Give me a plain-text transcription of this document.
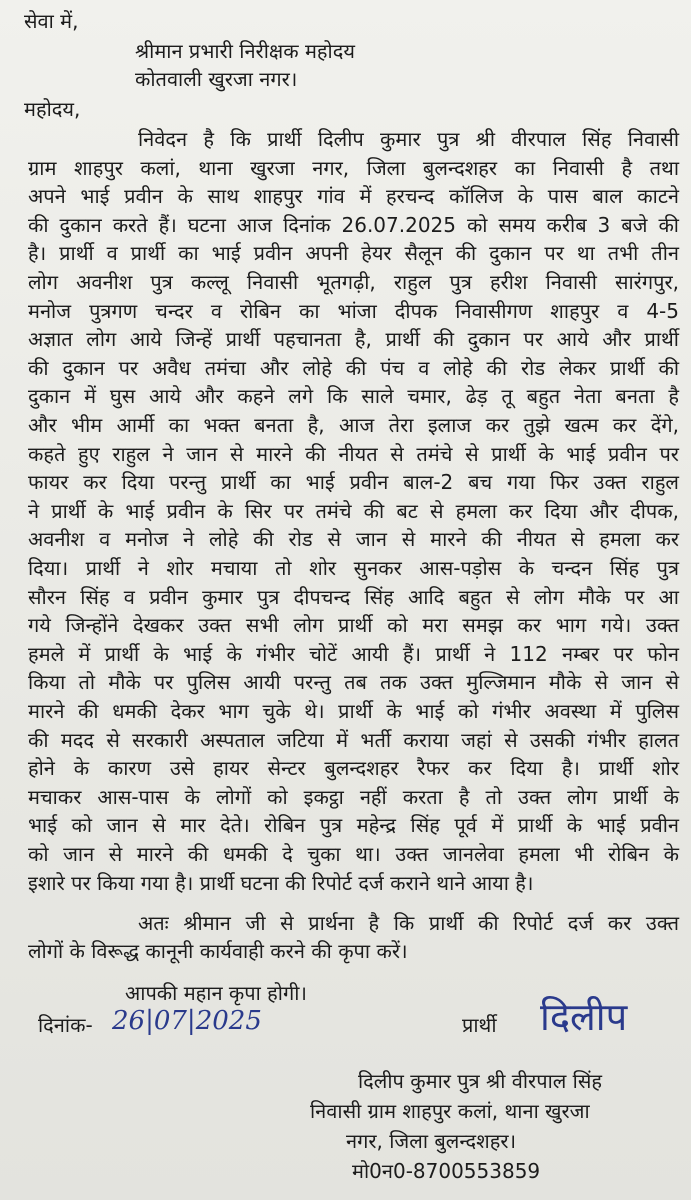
सेवा में,
श्रीमान प्रभारी निरीक्षक महोदय
कोतवाली खुरजा नगर।
महोदय,
निवेदन है कि प्रार्थी दिलीप कुमार पुत्र श्री वीरपाल सिंह निवासी
ग्राम शाहपुर कलां, थाना खुरजा नगर, जिला बुलन्दशहर का निवासी है तथा
अपने भाई प्रवीन के साथ शाहपुर गांव में हरचन्द कॉलिज के पास बाल काटने
की दुकान करते हैं। घटना आज दिनांक 26.07.2025 को समय करीब 3 बजे की
है। प्रार्थी व प्रार्थी का भाई प्रवीन अपनी हेयर सैलून की दुकान पर था तभी तीन
लोग अवनीश पुत्र कल्लू निवासी भूतगढ़ी, राहुल पुत्र हरीश निवासी सारंगपुर,
मनोज पुत्रगण चन्दर व रोबिन का भांजा दीपक निवासीगण शाहपुर व 4-5
अज्ञात लोग आये जिन्हें प्रार्थी पहचानता है, प्रार्थी की दुकान पर आये और प्रार्थी
की दुकान पर अवैध तमंचा और लोहे की पंच व लोहे की रोड लेकर प्रार्थी की
दुकान में घुस आये और कहने लगे कि साले चमार, ढेड़ तू बहुत नेता बनता है
और भीम आर्मी का भक्त बनता है, आज तेरा इलाज कर तुझे खत्म कर देंगे,
कहते हुए राहुल ने जान से मारने की नीयत से तमंचे से प्रार्थी के भाई प्रवीन पर
फायर कर दिया परन्तु प्रार्थी का भाई प्रवीन बाल-2 बच गया फिर उक्त राहुल
ने प्रार्थी के भाई प्रवीन के सिर पर तमंचे की बट से हमला कर दिया और दीपक,
अवनीश व मनोज ने लोहे की रोड से जान से मारने की नीयत से हमला कर
दिया। प्रार्थी ने शोर मचाया तो शोर सुनकर आस-पड़ोस के चन्दन सिंह पुत्र
सौरन सिंह व प्रवीन कुमार पुत्र दीपचन्द सिंह आदि बहुत से लोग मौके पर आ
गये जिन्होंने देखकर उक्त सभी लोग प्रार्थी को मरा समझ कर भाग गये। उक्त
हमले में प्रार्थी के भाई के गंभीर चोटें आयी हैं। प्रार्थी ने 112 नम्बर पर फोन
किया तो मौके पर पुलिस आयी परन्तु तब तक उक्त मुल्जिमान मौके से जान से
मारने की धमकी देकर भाग चुके थे। प्रार्थी के भाई को गंभीर अवस्था में पुलिस
की मदद से सरकारी अस्पताल जटिया में भर्ती कराया जहां से उसकी गंभीर हालत
होने के कारण उसे हायर सेन्टर बुलन्दशहर रैफर कर दिया है। प्रार्थी शोर
मचाकर आस-पास के लोगों को इकट्ठा नहीं करता है तो उक्त लोग प्रार्थी के
भाई को जान से मार देते। रोबिन पुत्र महेन्द्र सिंह पूर्व में प्रार्थी के भाई प्रवीन
को जान से मारने की धमकी दे चुका था। उक्त जानलेवा हमला भी रोबिन के
इशारे पर किया गया है। प्रार्थी घटना की रिपोर्ट दर्ज कराने थाने आया है।
अतः श्रीमान जी से प्रार्थना है कि प्रार्थी की रिपोर्ट दर्ज कर उक्त
लोगों के विरूद्ध कानूनी कार्यवाही करने की कृपा करें।
आपकी महान कृपा होगी।
दिनांक- 26|07|2025	प्रार्थी	दिलीप
दिलीप कुमार पुत्र श्री वीरपाल सिंह
निवासी ग्राम शाहपुर कलां, थाना खुरजा
नगर, जिला बुलन्दशहर।
मो0न0-8700553859
